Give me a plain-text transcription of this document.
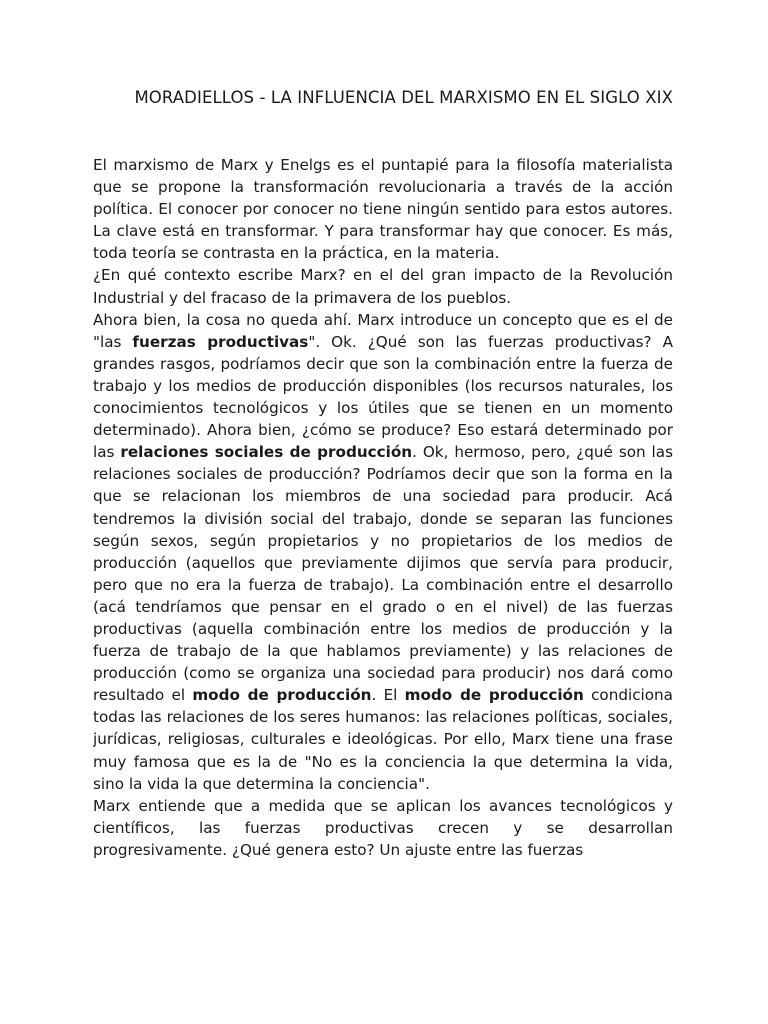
MORADIELLOS - LA INFLUENCIA DEL MARXISMO EN EL SIGLO XIX

El marxismo de Marx y Enelgs es el puntapié para la filosofía materialista que se propone la transformación revolucionaria a través de la acción política. El conocer por conocer no tiene ningún sentido para estos autores. La clave está en transformar. Y para transformar hay que conocer. Es más, toda teoría se contrasta en la práctica, en la materia.

¿En qué contexto escribe Marx? en el del gran impacto de la Revolución Industrial y del fracaso de la primavera de los pueblos.

Ahora bien, la cosa no queda ahí. Marx introduce un concepto que es el de "las fuerzas productivas". Ok. ¿Qué son las fuerzas productivas? A grandes rasgos, podríamos decir que son la combinación entre la fuerza de trabajo y los medios de producción disponibles (los recursos naturales, los conocimientos tecnológicos y los útiles que se tienen en un momento determinado). Ahora bien, ¿cómo se produce? Eso estará determinado por las relaciones sociales de producción. Ok, hermoso, pero, ¿qué son las relaciones sociales de producción? Podríamos decir que son la forma en la que se relacionan los miembros de una sociedad para producir. Acá tendremos la división social del trabajo, donde se separan las funciones según sexos, según propietarios y no propietarios de los medios de producción (aquellos que previamente dijimos que servía para producir, pero que no era la fuerza de trabajo). La combinación entre el desarrollo (acá tendríamos que pensar en el grado o en el nivel) de las fuerzas productivas (aquella combinación entre los medios de producción y la fuerza de trabajo de la que hablamos previamente) y las relaciones de producción (como se organiza una sociedad para producir) nos dará como resultado el modo de producción. El modo de producción condiciona todas las relaciones de los seres humanos: las relaciones políticas, sociales, jurídicas, religiosas, culturales e ideológicas. Por ello, Marx tiene una frase muy famosa que es la de "No es la conciencia la que determina la vida, sino la vida la que determina la conciencia".

Marx entiende que a medida que se aplican los avances tecnológicos y científicos, las fuerzas productivas crecen y se desarrollan progresivamente. ¿Qué genera esto? Un ajuste entre las fuerzas
